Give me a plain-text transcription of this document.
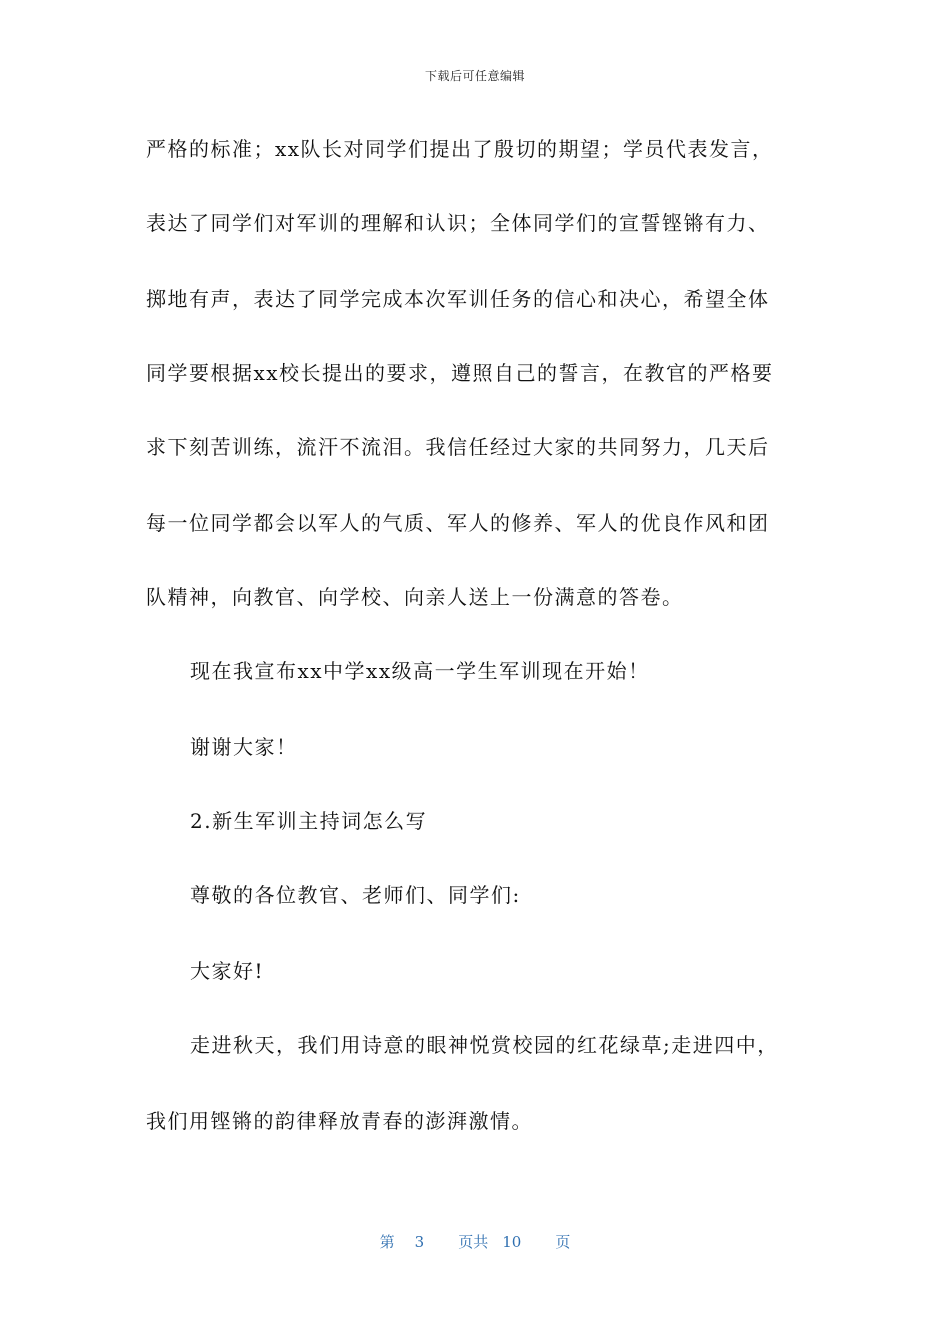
下载后可任意编辑
严格的标准；xx队长对同学们提出了殷切的期望；学员代表发言，
表达了同学们对军训的理解和认识；全体同学们的宣誓铿锵有力、
掷地有声，表达了同学完成本次军训任务的信心和决心，希望全体
同学要根据xx校长提出的要求，遵照自己的誓言，在教官的严格要
求下刻苦训练，流汗不流泪。我信任经过大家的共同努力，几天后
每一位同学都会以军人的气质、军人的修养、军人的优良作风和团
队精神，向教官、向学校、向亲人送上一份满意的答卷。
现在我宣布xx中学xx级高一学生军训现在开始！
谢谢大家！
2.新生军训主持词怎么写
尊敬的各位教官、老师们、同学们:
大家好!
走进秋天，我们用诗意的眼神悦赏校园的红花绿草;走进四中，
我们用铿锵的韵律释放青春的澎湃激情。
第 3 页共 10 页
